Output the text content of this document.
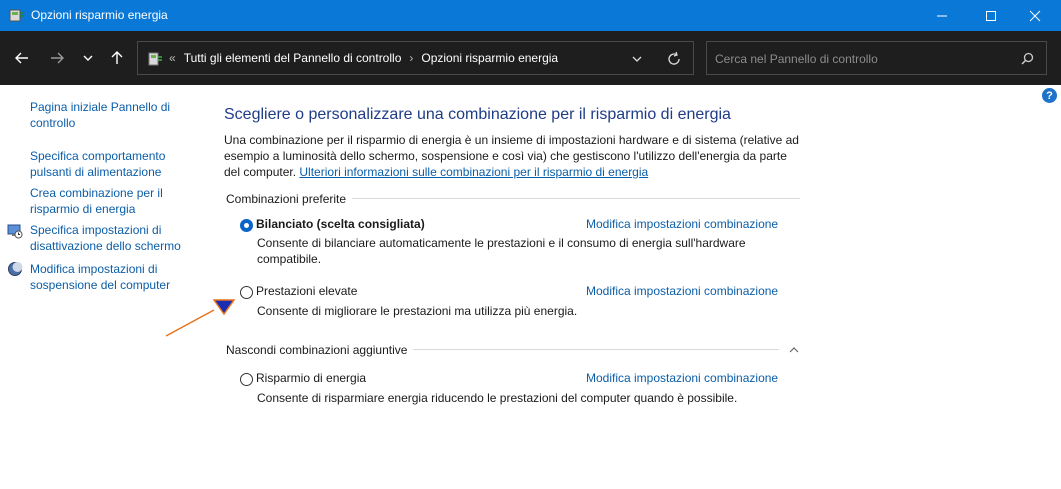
Opzioni risparmio energia
« Tutti gli elementi del Pannello di controllo › Opzioni risparmio energia
Cerca nel Pannello di controllo
Pagina iniziale Pannello di controllo
Specifica comportamento pulsanti di alimentazione
Crea combinazione per il risparmio di energia
Specifica impostazioni di disattivazione dello schermo
Modifica impostazioni di sospensione del computer
?
Scegliere o personalizzare una combinazione per il risparmio di energia
Una combinazione per il risparmio di energia è un insieme di impostazioni hardware e di sistema (relative ad esempio a luminosità dello schermo, sospensione e così via) che gestiscono l'utilizzo dell'energia da parte del computer. Ulteriori informazioni sulle combinazioni per il risparmio di energia
Combinazioni preferite
Bilanciato (scelta consigliata)	Modifica impostazioni combinazione
Consente di bilanciare automaticamente le prestazioni e il consumo di energia sull'hardware compatibile.
Prestazioni elevate	Modifica impostazioni combinazione
Consente di migliorare le prestazioni ma utilizza più energia.
Nascondi combinazioni aggiuntive
Risparmio di energia	Modifica impostazioni combinazione
Consente di risparmiare energia riducendo le prestazioni del computer quando è possibile.
